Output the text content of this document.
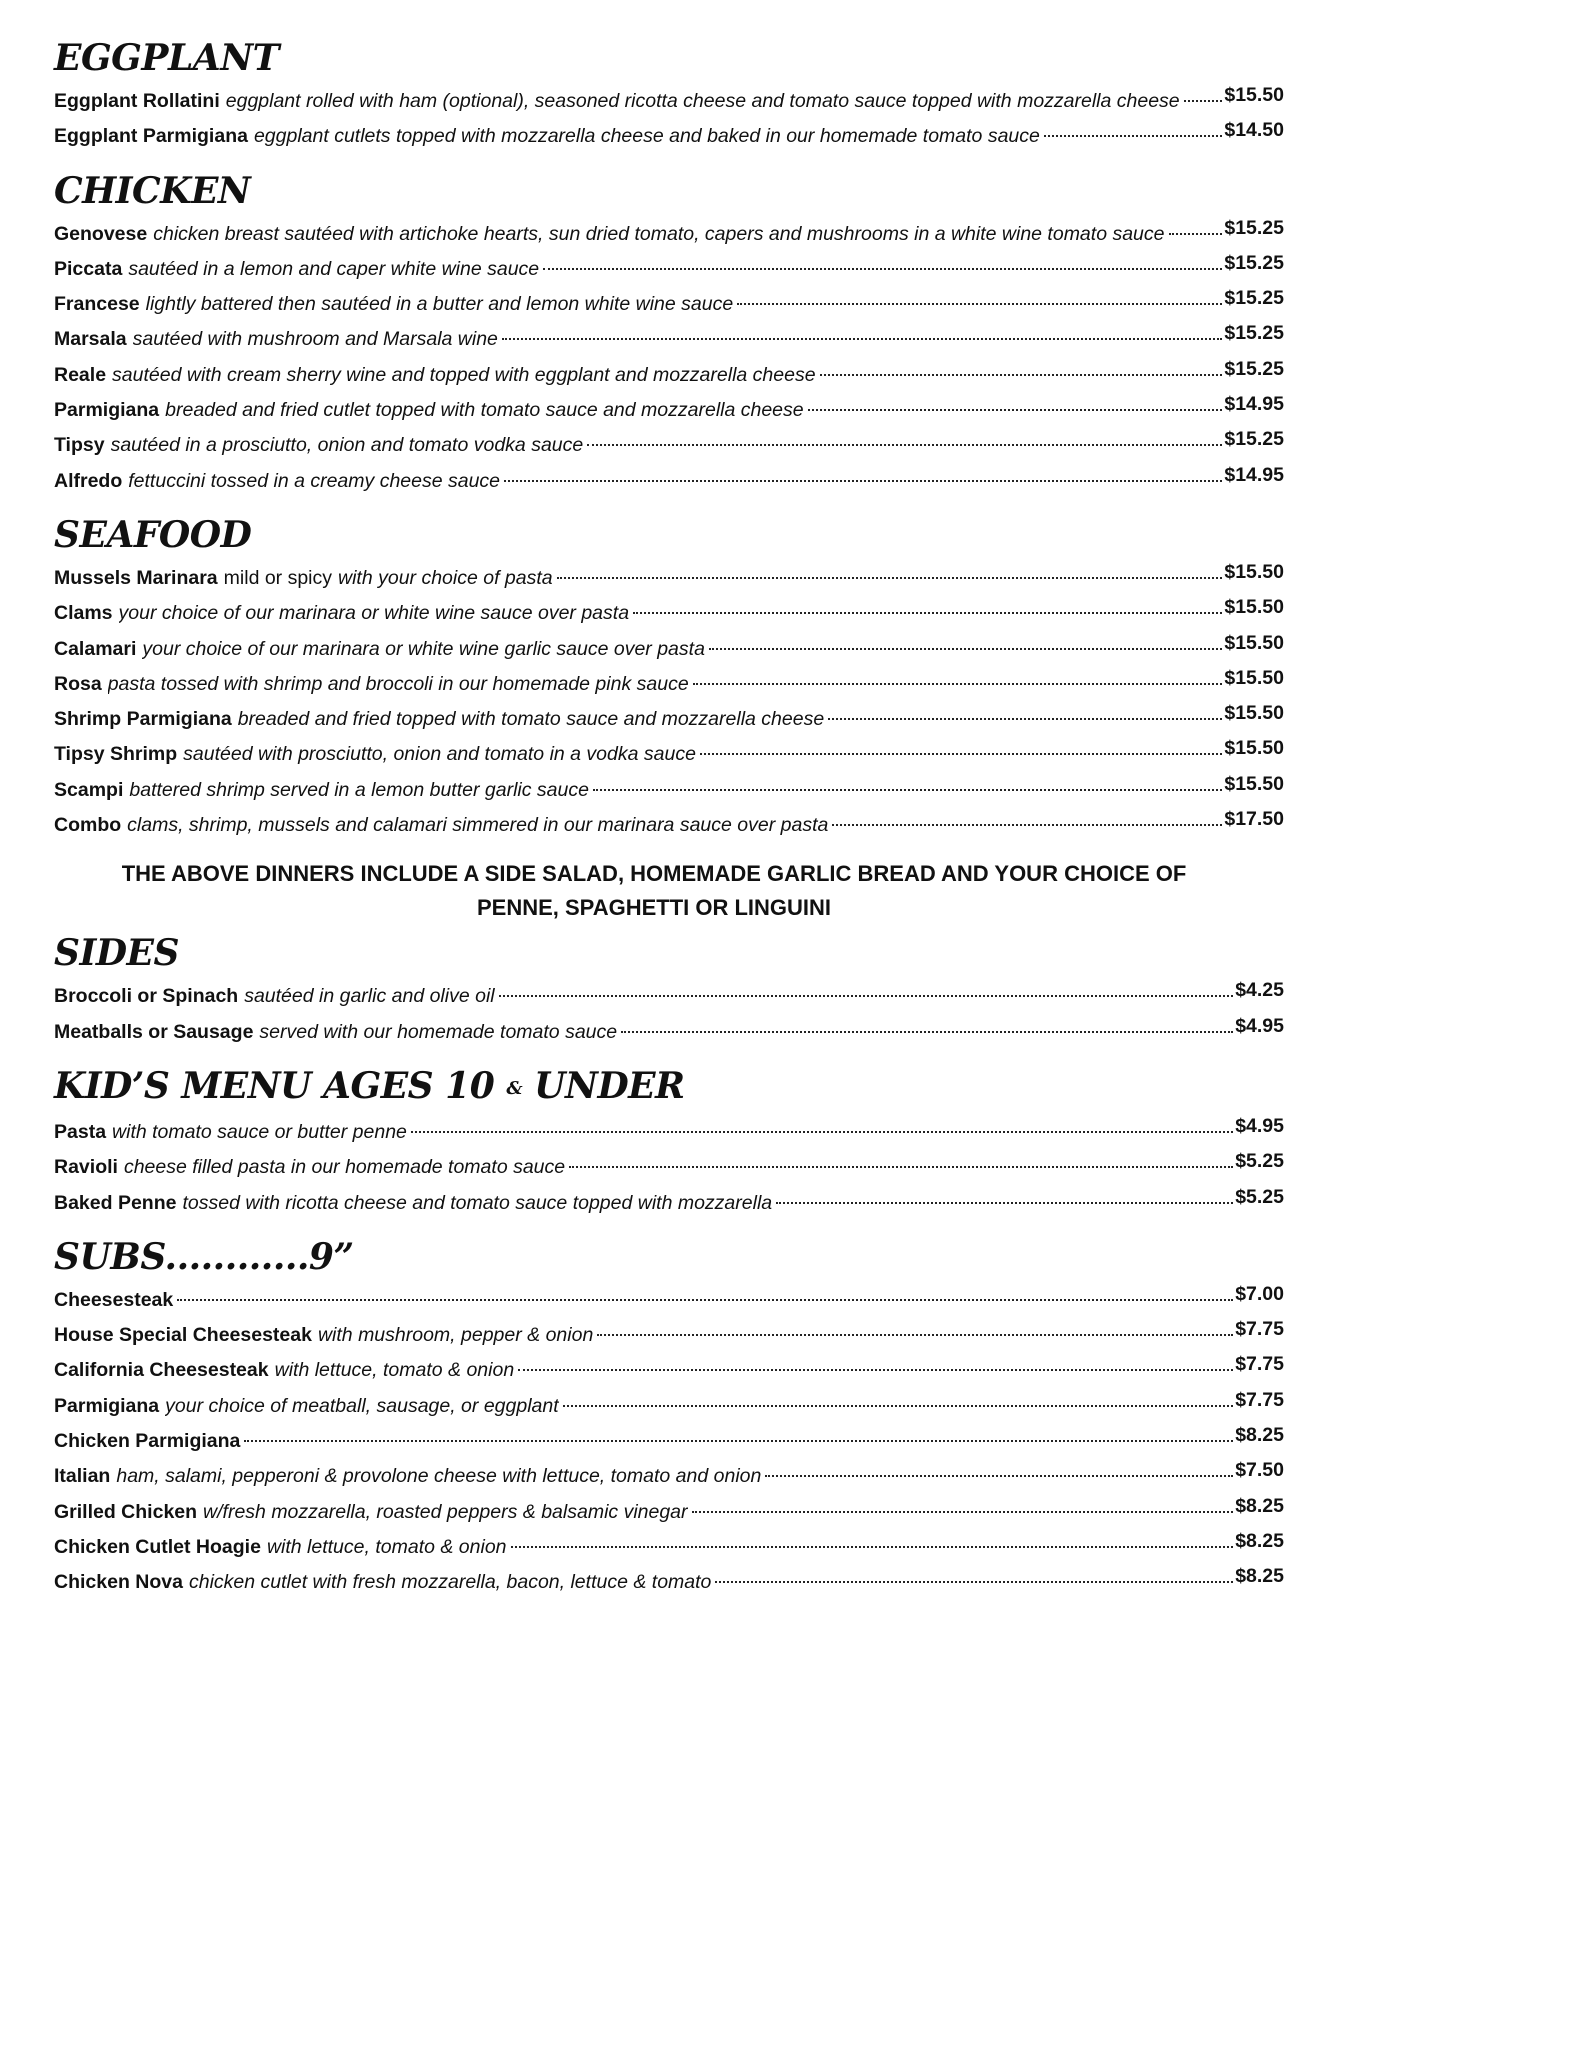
EGGPLANT
Eggplant Rollatini eggplant rolled with ham (optional), seasoned ricotta cheese and tomato sauce topped with mozzarella cheese $15.50
Eggplant Parmigiana eggplant cutlets topped with mozzarella cheese and baked in our homemade tomato sauce	$14.50
CHICKEN
Genovese chicken breast sautéed with artichoke hearts, sun dried tomato, capers and mushrooms in a white wine tomato sauce	$15.25
Piccata sautéed in a lemon and caper white wine sauce	$15.25
Francese lightly battered then sautéed in a butter and lemon white wine sauce	$15.25
Marsala sautéed with mushroom and Marsala wine	$15.25
Reale sautéed with cream sherry wine and topped with eggplant and mozzarella cheese	$15.25
Parmigiana breaded and fried cutlet topped with tomato sauce and mozzarella cheese	$14.95
Tipsy sautéed in a prosciutto, onion and tomato vodka sauce	$15.25
Alfredo fettuccini tossed in a creamy cheese sauce	$14.95
SEAFOOD
Mussels Marinara mild or spicy with your choice of pasta	$15.50
Clams your choice of our marinara or white wine sauce over pasta	$15.50
Calamari your choice of our marinara or white wine garlic sauce over pasta	$15.50
Rosa pasta tossed with shrimp and broccoli in our homemade pink sauce	$15.50
Shrimp Parmigiana breaded and fried topped with tomato sauce and mozzarella cheese	$15.50
Tipsy Shrimp sautéed with prosciutto, onion and tomato in a vodka sauce	$15.50
Scampi battered shrimp served in a lemon butter garlic sauce	$15.50
Combo clams, shrimp, mussels and calamari simmered in our marinara sauce over pasta	$17.50
THE ABOVE DINNERS INCLUDE A SIDE SALAD, HOMEMADE GARLIC BREAD AND YOUR CHOICE OF
PENNE, SPAGHETTI OR LINGUINI
SIDES
Broccoli or Spinach sautéed in garlic and olive oil	$4.25
Meatballs or Sausage served with our homemade tomato sauce	$4.95
KID’S MENU AGES 10 & UNDER
Pasta with tomato sauce or butter penne	$4.95
Ravioli cheese filled pasta in our homemade tomato sauce	$5.25
Baked Penne tossed with ricotta cheese and tomato sauce topped with mozzarella	$5.25
SUBS............9”
Cheesesteak	$7.00
House Special Cheesesteak with mushroom, pepper & onion	$7.75
California Cheesesteak with lettuce, tomato & onion	$7.75
Parmigiana your choice of meatball, sausage, or eggplant	$7.75
Chicken Parmigiana	$8.25
Italian ham, salami, pepperoni & provolone cheese with lettuce, tomato and onion	$7.50
Grilled Chicken w/fresh mozzarella, roasted peppers & balsamic vinegar	$8.25
Chicken Cutlet Hoagie with lettuce, tomato & onion	$8.25
Chicken Nova chicken cutlet with fresh mozzarella, bacon, lettuce & tomato	$8.25
